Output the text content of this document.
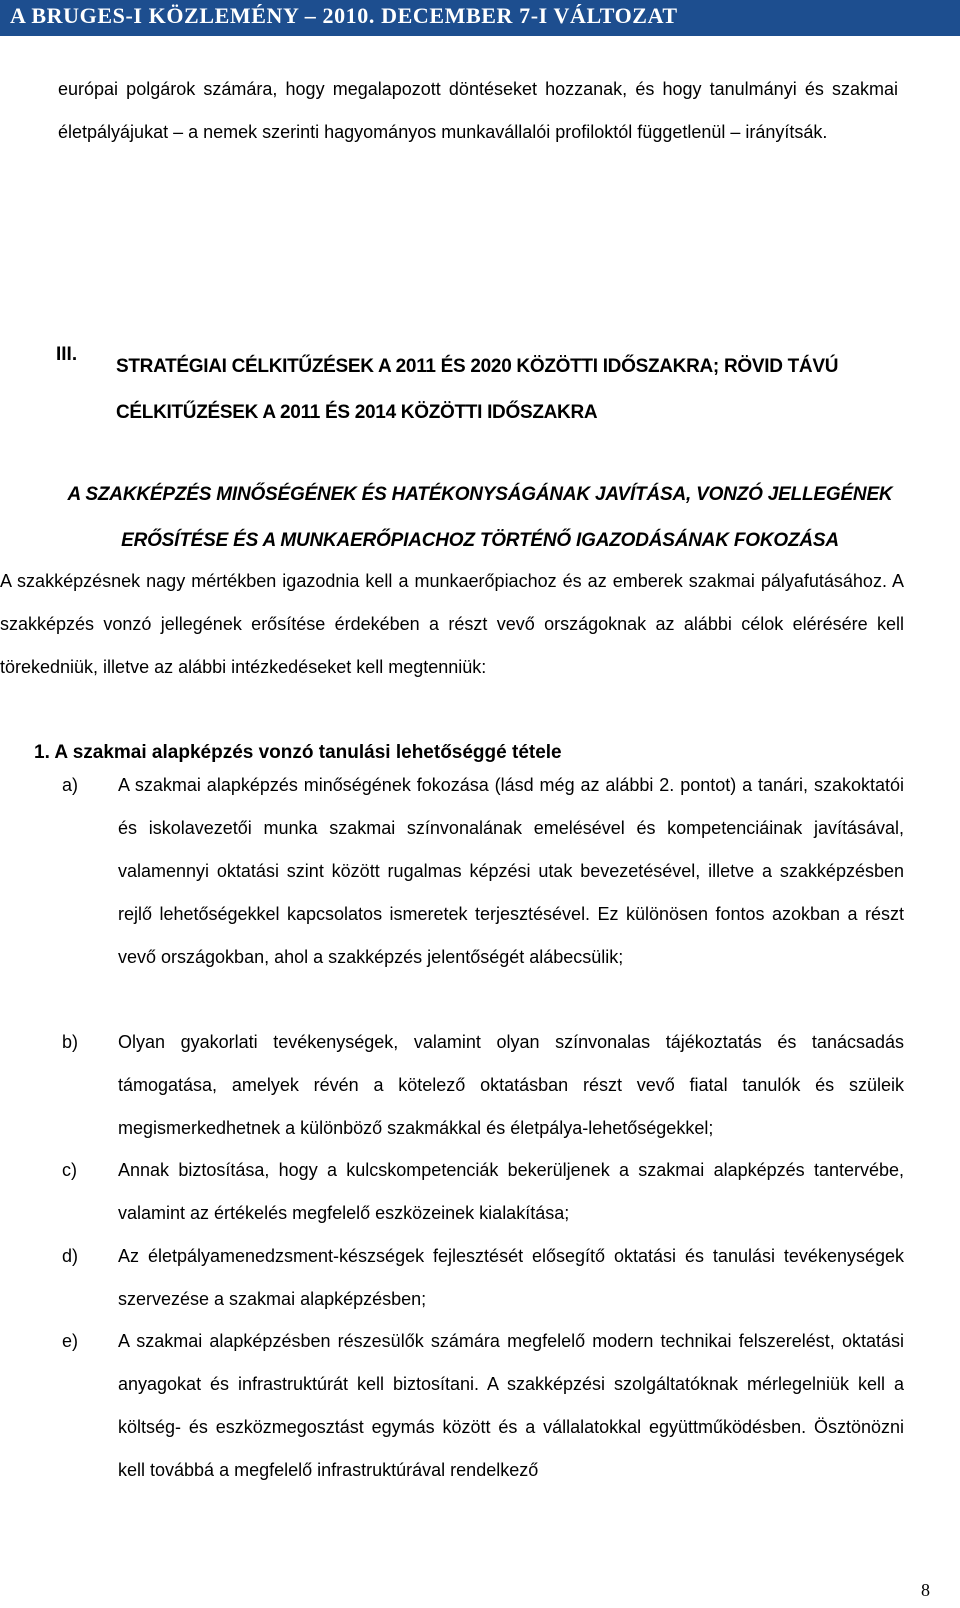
A BRUGES-I KÖZLEMÉNY – 2010. DECEMBER 7-I VÁLTOZAT
európai polgárok számára, hogy megalapozott döntéseket hozzanak, és hogy tanulmányi és szakmai életpályájukat – a nemek szerinti hagyományos munkavállalói profiloktól függetlenül – irányítsák.
III.
STRATÉGIAI CÉLKITŰZÉSEK A 2011 ÉS 2020 KÖZÖTTI IDŐSZAKRA; RÖVID TÁVÚ CÉLKITŰZÉSEK A 2011 ÉS 2014 KÖZÖTTI IDŐSZAKRA
A SZAKKÉPZÉS MINŐSÉGÉNEK ÉS HATÉKONYSÁGÁNAK JAVÍTÁSA, VONZÓ JELLEGÉNEK
ERŐSÍTÉSE ÉS A MUNKAERŐPIACHOZ TÖRTÉNŐ IGAZODÁSÁNAK FOKOZÁSA
A szakképzésnek nagy mértékben igazodnia kell a munkaerőpiachoz és az emberek szakmai pályafutásához. A szakképzés vonzó jellegének erősítése érdekében a részt vevő országoknak az alábbi célok elérésére kell törekedniük, illetve az alábbi intézkedéseket kell megtenniük:
1. A szakmai alapképzés vonzó tanulási lehetőséggé tétele
a) A szakmai alapképzés minőségének fokozása (lásd még az alábbi 2. pontot) a tanári, szakoktatói és iskolavezetői munka szakmai színvonalának emelésével és kompetenciáinak javításával, valamennyi oktatási szint között rugalmas képzési utak bevezetésével, illetve a szakképzésben rejlő lehetőségekkel kapcsolatos ismeretek terjesztésével. Ez különösen fontos azokban a részt vevő országokban, ahol a szakképzés jelentőségét alábecsülik;
b) Olyan gyakorlati tevékenységek, valamint olyan színvonalas tájékoztatás és tanácsadás támogatása, amelyek révén a kötelező oktatásban részt vevő fiatal tanulók és szüleik megismerkedhetnek a különböző szakmákkal és életpálya-lehetőségekkel;
c) Annak biztosítása, hogy a kulcskompetenciák bekerüljenek a szakmai alapképzés tantervébe, valamint az értékelés megfelelő eszközeinek kialakítása;
d) Az életpályamenedzsment-készségek fejlesztését elősegítő oktatási és tanulási tevékenységek szervezése a szakmai alapképzésben;
e) A szakmai alapképzésben részesülők számára megfelelő modern technikai felszerelést, oktatási anyagokat és infrastruktúrát kell biztosítani. A szakképzési szolgáltatóknak mérlegelniük kell a költség- és eszközmegosztást egymás között és a vállalatokkal együttműködésben. Ösztönözni kell továbbá a megfelelő infrastruktúrával rendelkező
8
